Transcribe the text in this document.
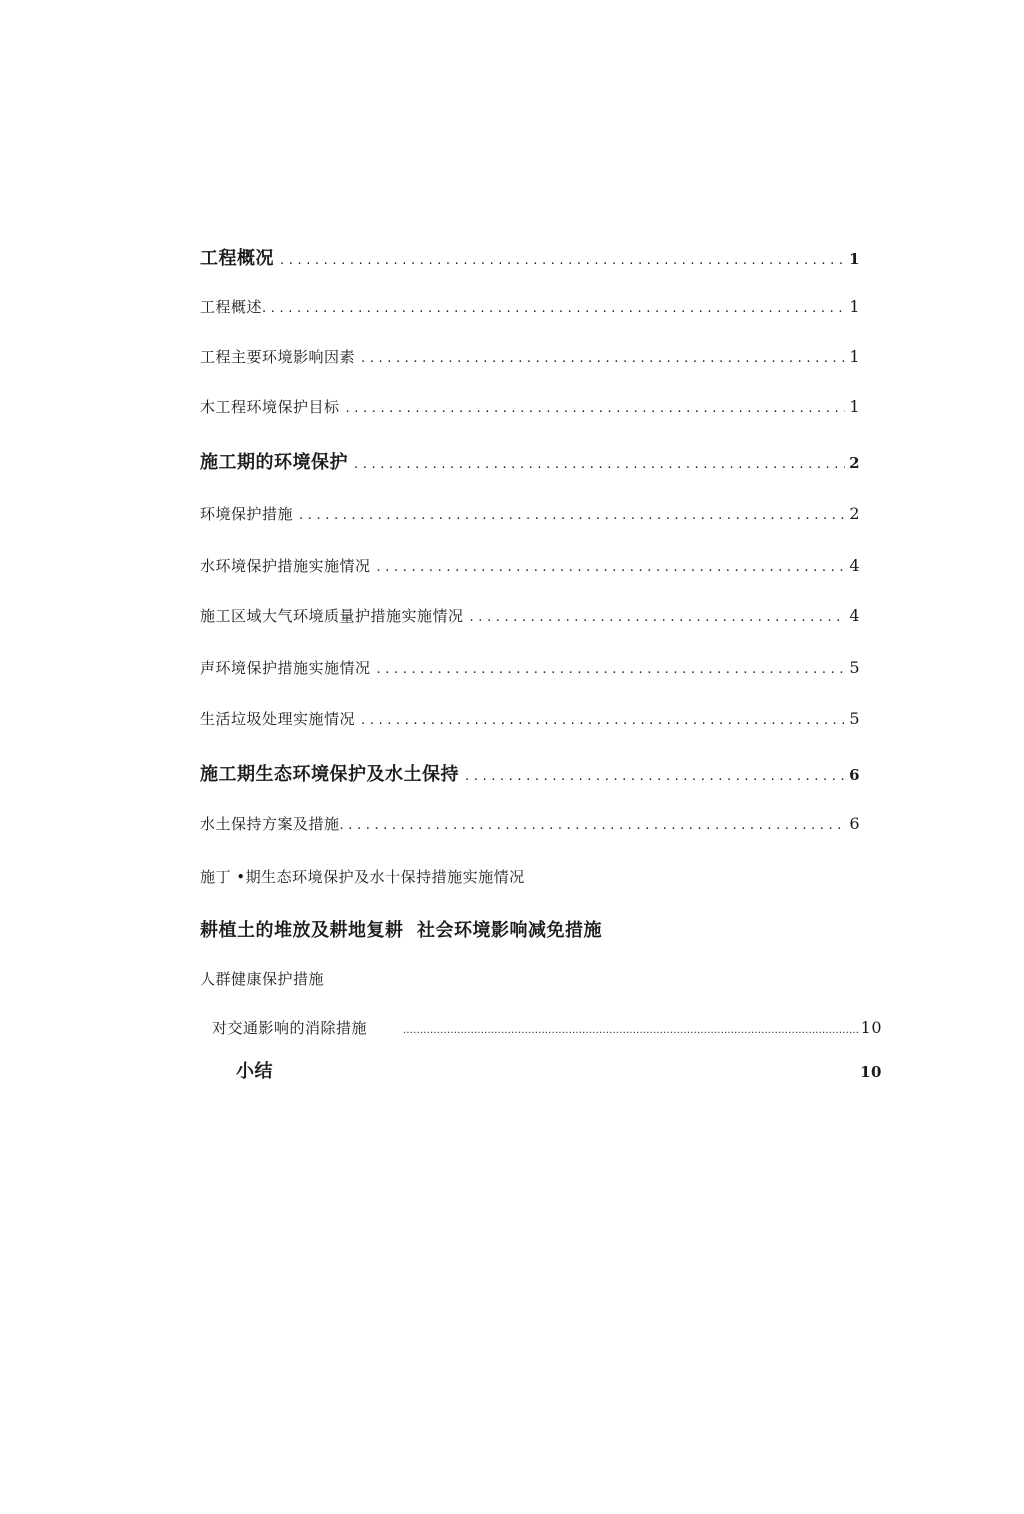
工程概况 .....	1
工程概述 .....	1
工程主要环境影响因素 .....	1
木工程环境保护目标 .....	1
施工期的环境保护 .....	2
环境保护措施 .....	2
水环境保护措施实施情况 .....	4
施工区域大气环境质量护措施实施情况 .....	4
声环境保护措施实施情况 .....	5
生活垃圾处理实施情况 .....	5
施工期生态环境保护及水土保持 .....	6
水土保持方案及措施 .....	6
施丁 •期生态环境保护及水十保持措施实施情况
耕植土的堆放及耕地复耕  社会环境影响减免措施
人群健康保护措施
对交通影响的消除措施 .....	10
小结	10
